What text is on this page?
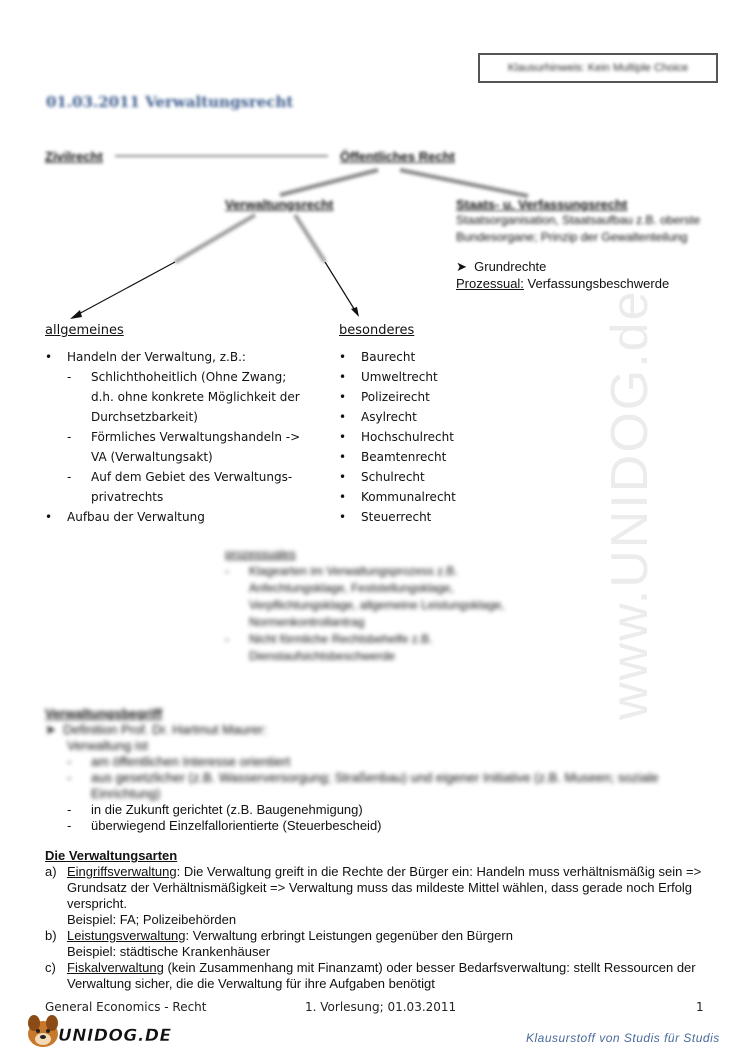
www.UNIDOG.de
Klausurhinweis: Kein Multiple Choice
01.03.2011 Verwaltungsrecht
Zivilrecht	Öffentliches Recht
Verwaltungsrecht	Staats- u. Verfassungsrecht
Staatsorganisation, Staatsaufbau z.B. oberste Bundesorgane; Prinzip der Gewaltenteilung
➤ Grundrechte
Prozessual: Verfassungsbeschwerde
allgemeines
• Handeln der Verwaltung, z.B.:
- Schlichthoheitlich (Ohne Zwang; d.h. ohne konkrete Möglichkeit der Durchsetzbarkeit)
- Förmliches Verwaltungshandeln -> VA (Verwaltungsakt)
- Auf dem Gebiet des Verwaltungs-privatrechts
• Aufbau der Verwaltung
besonderes
• Baurecht
• Umweltrecht
• Polizeirecht
• Asylrecht
• Hochschulrecht
• Beamtenrecht
• Schulrecht
• Kommunalrecht
• Steuerrecht
prozessuales
- Klagearten im Verwaltungsprozess z.B. Anfechtungsklage, Feststellungsklage, Verpflichtungsklage, allgemeine Leistungsklage, Normenkontrollantrag
- Nicht förmliche Rechtsbehelfe z.B. Dienstaufsichtsbeschwerde
Verwaltungsbegriff
➤ Definition Prof. Dr. Hartmut Maurer:
Verwaltung ist
- am öffentlichen Interesse orientiert
- aus gesetzlicher (z.B. Wasserversorgung; Straßenbau) und eigener Initiative (z.B. Museen; soziale Einrichtung)
- in die Zukunft gerichtet (z.B. Baugenehmigung)
- überwiegend Einzelfallorientierte (Steuerbescheid)
Die Verwaltungsarten
a) Eingriffsverwaltung: Die Verwaltung greift in die Rechte der Bürger ein: Handeln muss verhältnismäßig sein => Grundsatz der Verhältnismäßigkeit => Verwaltung muss das mildeste Mittel wählen, dass gerade noch Erfolg verspricht.
Beispiel: FA; Polizeibehörden
b) Leistungsverwaltung: Verwaltung erbringt Leistungen gegenüber den Bürgern
Beispiel: städtische Krankenhäuser
c) Fiskalverwaltung (kein Zusammenhang mit Finanzamt) oder besser Bedarfsverwaltung: stellt Ressourcen der Verwaltung sicher, die die Verwaltung für ihre Aufgaben benötigt
General Economics - Recht	1. Vorlesung; 01.03.2011	1
UNIDOG.DE	Klausurstoff von Studis für Studis
